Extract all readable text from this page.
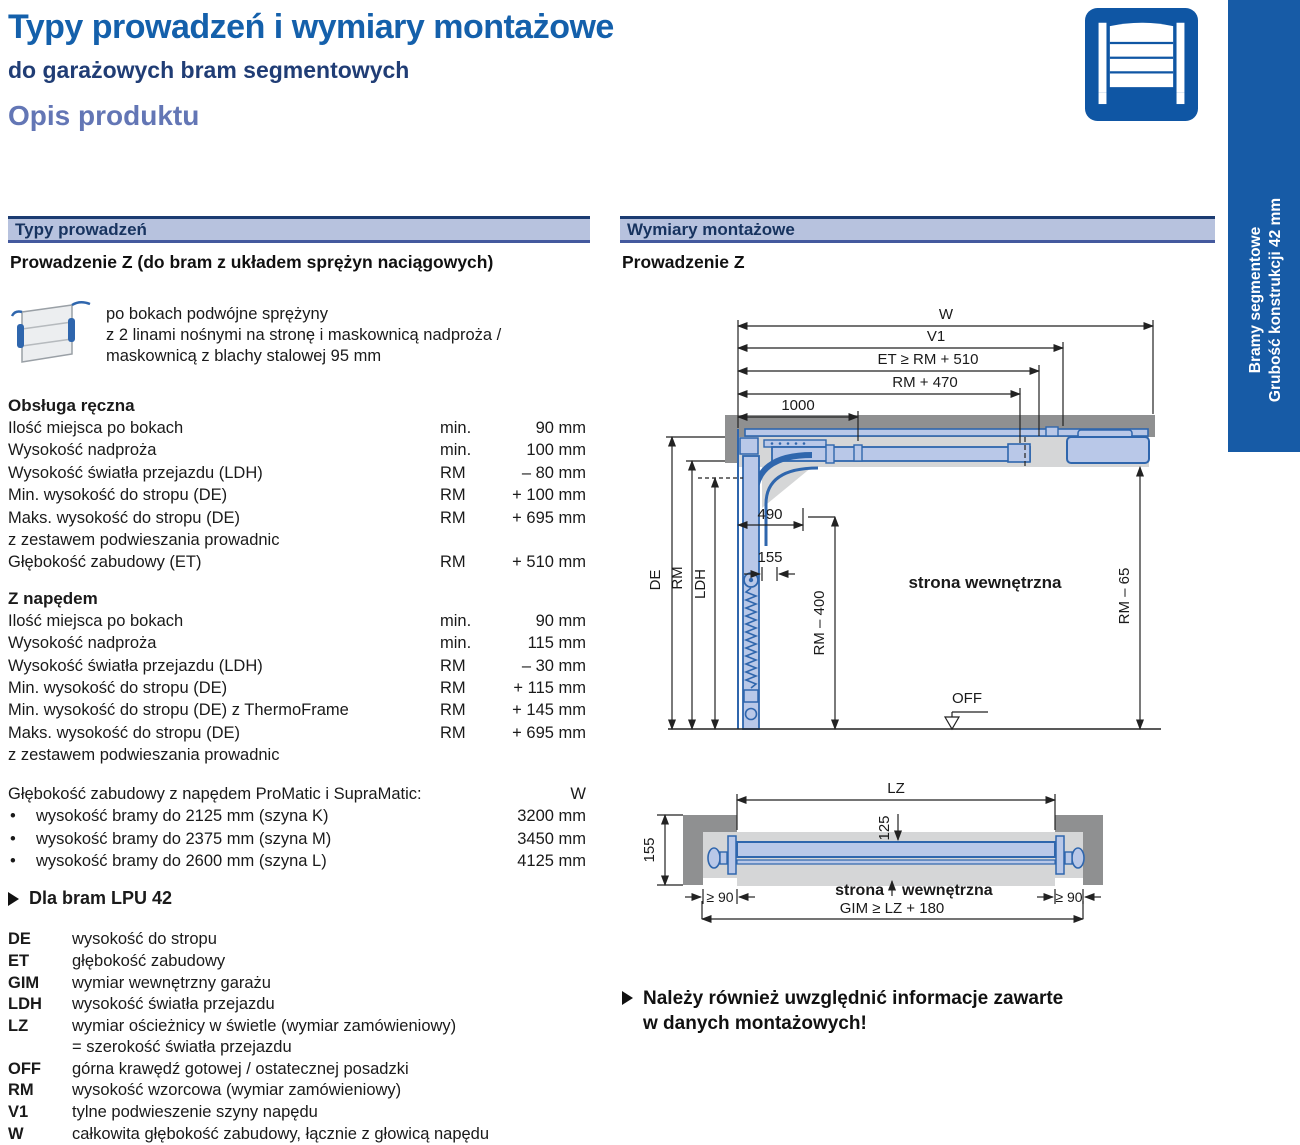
Typy prowadzeń i wymiary montażowe
do garażowych bram segmentowych
Opis produktu
Bramy segmentowe Grubość konstrukcji 42 mm
Typy prowadzeń	Wymiary montażowe
Prowadzenie Z (do bram z układem sprężyn naciągowych)	Prowadzenie Z
po bokach podwójne sprężyny
z 2 linami nośnymi na stronę i maskownicą nadproża /
maskownicą z blachy stalowej 95 mm
Obsługa ręczna
Ilość miejsca po bokach	min.	90 mm
Wysokość nadproża	min.	100 mm
Wysokość światła przejazdu (LDH)	RM	– 80 mm
Min. wysokość do stropu (DE)	RM	+ 100 mm
Maks. wysokość do stropu (DE)	RM	+ 695 mm
z zestawem podwieszania prowadnic
Głębokość zabudowy (ET)	RM	+ 510 mm
Z napędem
Ilość miejsca po bokach	min.	90 mm
Wysokość nadproża	min.	115 mm
Wysokość światła przejazdu (LDH)	RM	– 30 mm
Min. wysokość do stropu (DE)	RM	+ 115 mm
Min. wysokość do stropu (DE) z ThermoFrame	RM	+ 145 mm
Maks. wysokość do stropu (DE)	RM	+ 695 mm
z zestawem podwieszania prowadnic
Głębokość zabudowy z napędem ProMatic i SupraMatic:	W
•	wysokość bramy do 2125 mm (szyna K)	3200 mm
•	wysokość bramy do 2375 mm (szyna M)	3450 mm
•	wysokość bramy do 2600 mm (szyna L)	4125 mm
Dla bram LPU 42
DE	wysokość do stropu
ET	głębokość zabudowy
GIM	wymiar wewnętrzny garażu
LDH	wysokość światła przejazdu
LZ	wymiar ościeżnicy w świetle (wymiar zamówieniowy)
= szerokość światła przejazdu
OFF	górna krawędź gotowej / ostatecznej posadzki
RM	wysokość wzorcowa (wymiar zamówieniowy)
V1	tylne podwieszenie szyny napędu
W	całkowita głębokość zabudowy, łącznie z głowicą napędu
W
V1
ET ≥ RM + 510
RM + 470
1000
490
155
DE RM LDH
RM – 400	RM – 65
strona wewnętrzna
OFF
LZ
125
155
≥ 90	≥ 90
GIM ≥ LZ + 180
strona wewnętrzna
Należy również uwzględnić informacje zawarte
w danych montażowych!
